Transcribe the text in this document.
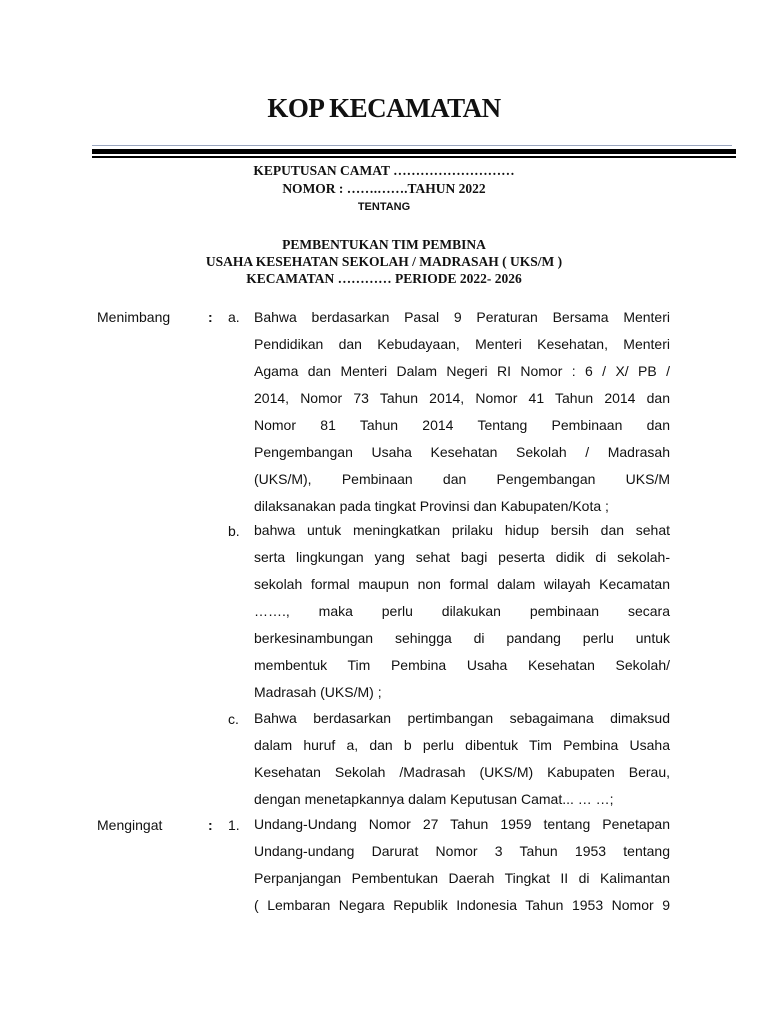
KOP KECAMATAN
KEPUTUSAN CAMAT ………………………
NOMOR : …….…….TAHUN 2022
TENTANG
PEMBENTUKAN TIM PEMBINA
USAHA KESEHATAN SEKOLAH / MADRASAH ( UKS/M )
KECAMATAN ………… PERIODE 2022- 2026
Menimbang	: a. Bahwa berdasarkan Pasal 9 Peraturan Bersama Menteri
Pendidikan dan Kebudayaan, Menteri Kesehatan, Menteri
Agama dan Menteri Dalam Negeri RI Nomor : 6 / X/ PB /
2014, Nomor 73 Tahun 2014, Nomor 41 Tahun 2014 dan
Nomor 81 Tahun 2014 Tentang Pembinaan dan
Pengembangan Usaha Kesehatan Sekolah / Madrasah
(UKS/M), Pembinaan dan Pengembangan UKS/M
dilaksanakan pada tingkat Provinsi dan Kabupaten/Kota ;
b. bahwa untuk meningkatkan prilaku hidup bersih dan sehat
serta lingkungan yang sehat bagi peserta didik di sekolah-
sekolah formal maupun non formal dalam wilayah Kecamatan
……., maka perlu dilakukan pembinaan secara
berkesinambungan sehingga di pandang perlu untuk
membentuk Tim Pembina Usaha Kesehatan Sekolah/
Madrasah (UKS/M) ;
c. Bahwa berdasarkan pertimbangan sebagaimana dimaksud
dalam huruf a, dan b perlu dibentuk Tim Pembina Usaha
Kesehatan Sekolah /Madrasah (UKS/M) Kabupaten Berau,
dengan menetapkannya dalam Keputusan Camat... … …;
Mengingat	: 1. Undang-Undang Nomor 27 Tahun 1959 tentang Penetapan
Undang-undang Darurat Nomor 3 Tahun 1953 tentang
Perpanjangan Pembentukan Daerah Tingkat II di Kalimantan
( Lembaran Negara Republik Indonesia Tahun 1953 Nomor 9
